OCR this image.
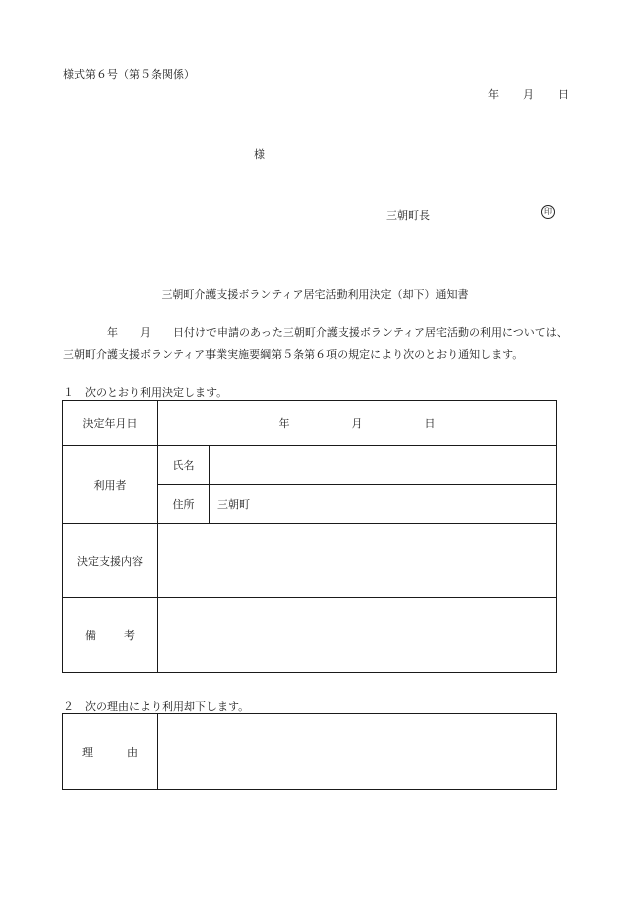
様式第６号（第５条関係）
年 月 日
様
三朝町長	印
三朝町介護支援ボランティア居宅活動利用決定（却下）通知書
年 月 日付けで申請のあった三朝町介護支援ボランティア居宅活動の利用については、
三朝町介護支援ボランティア事業実施要綱第５条第６項の規定により次のとおり通知します。
１　次のとおり利用決定します。
決定年月日	年 月 日	
利用者	氏名	
	住所	三朝町
決定支援内容		
備考		
２　次の理由により利用却下します。
理由	
